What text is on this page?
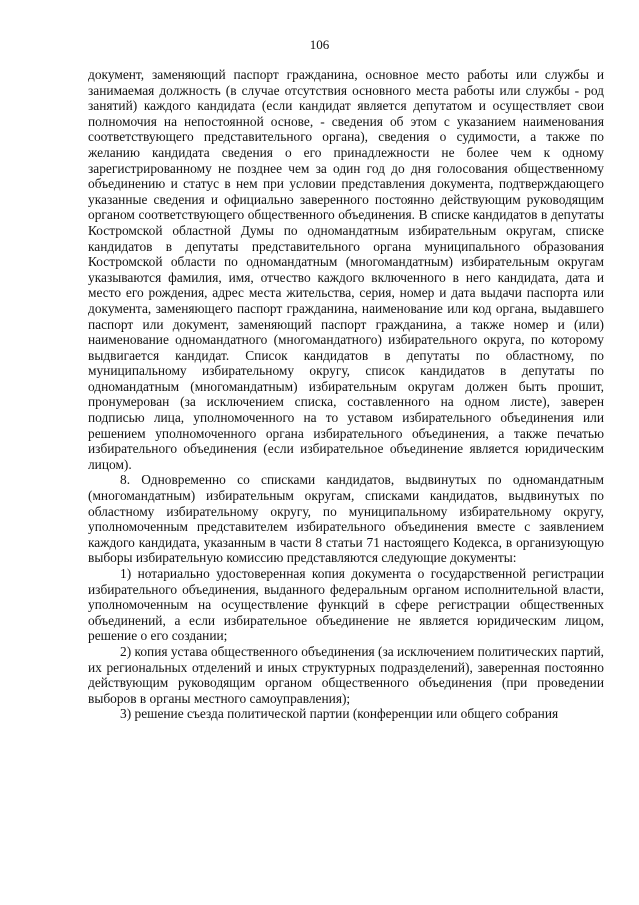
106

документ, заменяющий паспорт гражданина, основное место работы или службы и занимаемая должность (в случае отсутствия основного места работы или службы - род занятий) каждого кандидата (если кандидат является депутатом и осуществляет свои полномочия на непостоянной основе, - сведения об этом с указанием наименования соответствующего представительного органа), сведения о судимости, а также по желанию кандидата сведения о его принадлежности не более чем к одному зарегистрированному не позднее чем за один год до дня голосования общественному объединению и статус в нем при условии представления документа, подтверждающего указанные сведения и официально заверенного постоянно действующим руководящим органом соответствующего общественного объединения. В списке кандидатов в депутаты Костромской областной Думы по одномандатным избирательным округам, списке кандидатов в депутаты представительного органа муниципального образования Костромской области по одномандатным (многомандатным) избирательным округам указываются фамилия, имя, отчество каждого включенного в него кандидата, дата и место его рождения, адрес места жительства, серия, номер и дата выдачи паспорта или документа, заменяющего паспорт гражданина, наименование или код органа, выдавшего паспорт или документ, заменяющий паспорт гражданина, а также номер и (или) наименование одномандатного (многомандатного) избирательного округа, по которому выдвигается кандидат. Список кандидатов в депутаты по областному, по муниципальному избирательному округу, список кандидатов в депутаты по одномандатным (многомандатным) избирательным округам должен быть прошит, пронумерован (за исключением списка, составленного на одном листе), заверен подписью лица, уполномоченного на то уставом избирательного объединения или решением уполномоченного органа избирательного объединения, а также печатью избирательного объединения (если избирательное объединение является юридическим лицом).

8. Одновременно со списками кандидатов, выдвинутых по одномандатным (многомандатным) избирательным округам, списками кандидатов, выдвинутых по областному избирательному округу, по муниципальному избирательному округу, уполномоченным представителем избирательного объединения вместе с заявлением каждого кандидата, указанным в части 8 статьи 71 настоящего Кодекса, в организующую выборы избирательную комиссию представляются следующие документы:

1) нотариально удостоверенная копия документа о государственной регистрации избирательного объединения, выданного федеральным органом исполнительной власти, уполномоченным на осуществление функций в сфере регистрации общественных объединений, а если избирательное объединение не является юридическим лицом, решение о его создании;

2) копия устава общественного объединения (за исключением политических партий, их региональных отделений и иных структурных подразделений), заверенная постоянно действующим руководящим органом общественного объединения (при проведении выборов в органы местного самоуправления);

3) решение съезда политической партии (конференции или общего собрания
